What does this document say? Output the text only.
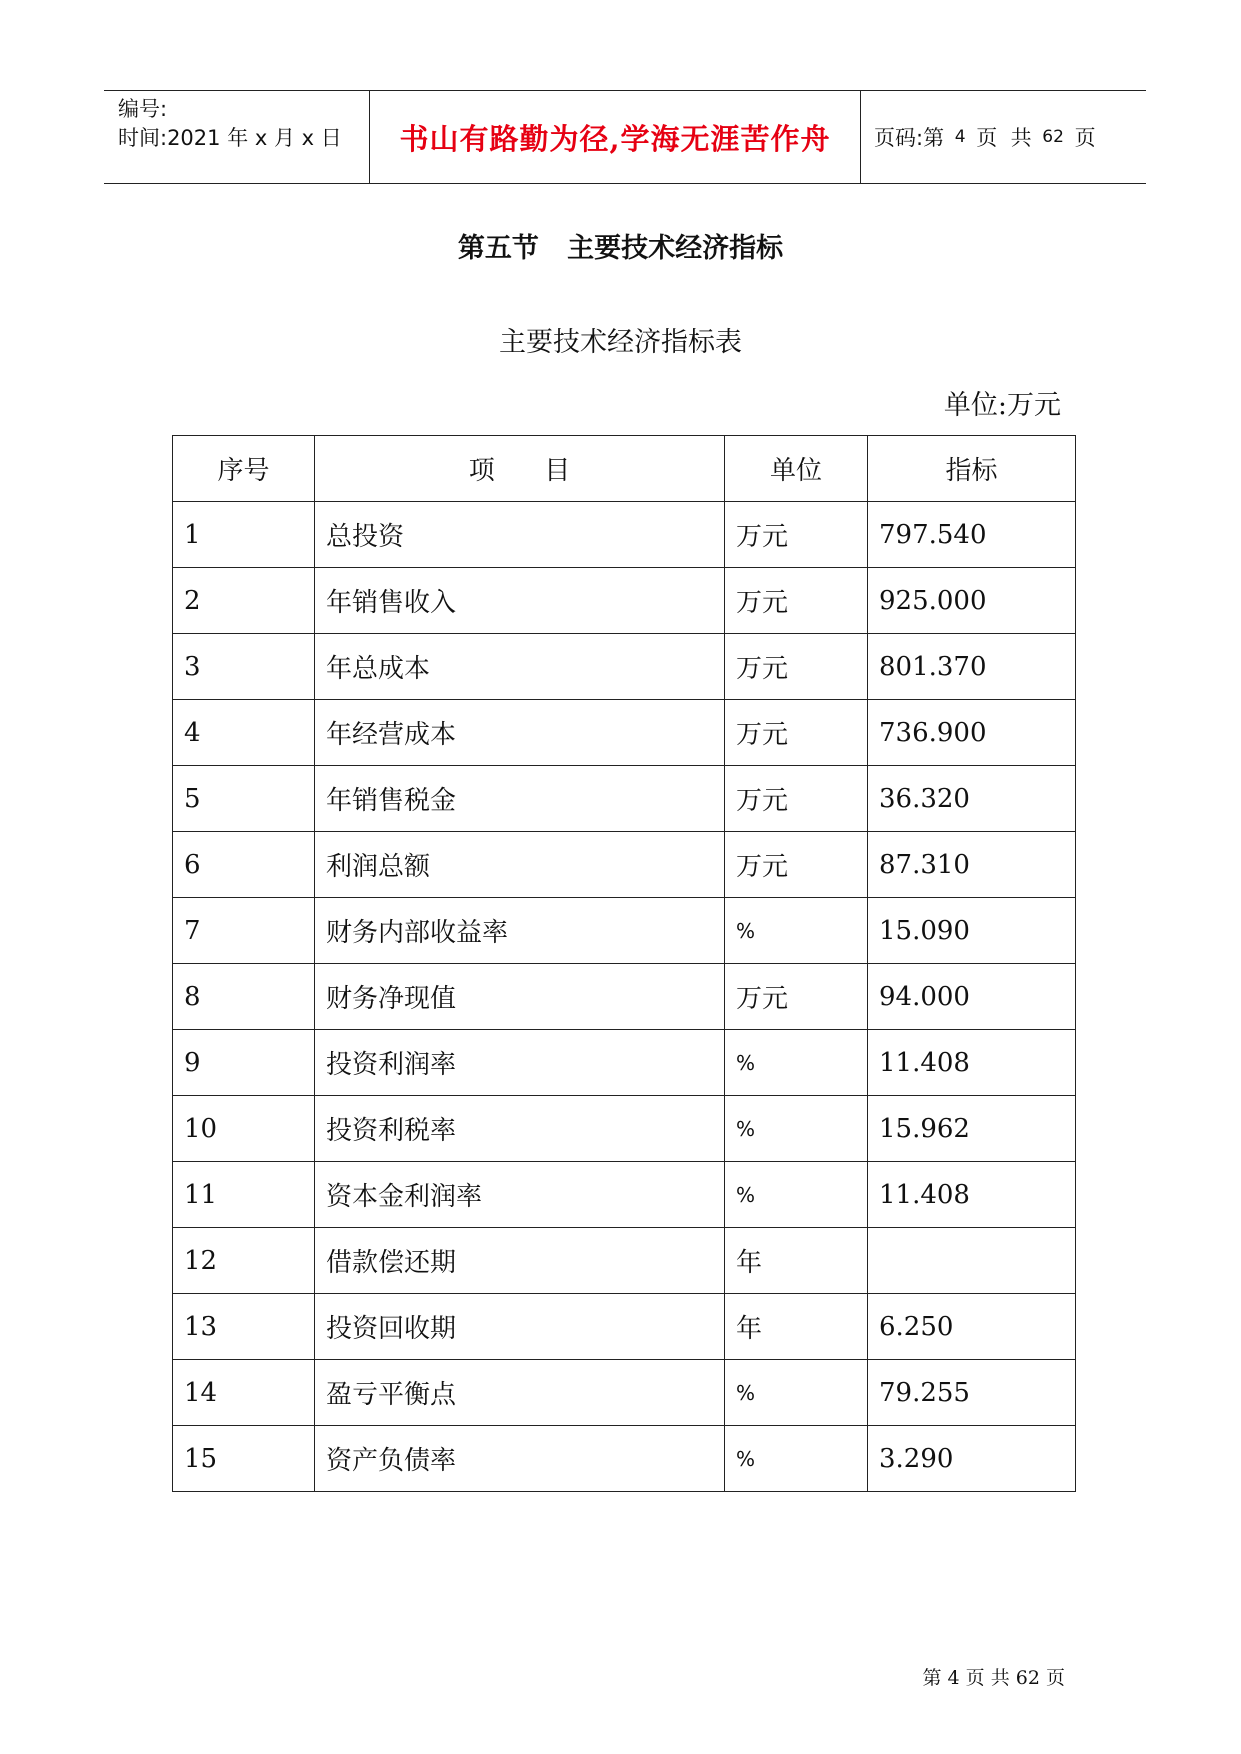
编号:
时间:2021 年 x 月 x 日	书山有路勤为径,学海无涯苦作舟	页码:第 4 页  共 62 页
第五节   主要技术经济指标
主要技术经济指标表
单位:万元
序号	项      目	单位	指标
1	总投资	万元	797.540
2	年销售收入	万元	925.000
3	年总成本	万元	801.370
4	年经营成本	万元	736.900
5	年销售税金	万元	36.320
6	利润总额	万元	87.310
7	财务内部收益率	%	15.090
8	财务净现值	万元	94.000
9	投资利润率	%	11.408
10	投资利税率	%	15.962
11	资本金利润率	%	11.408
12	借款偿还期	年	
13	投资回收期	年	6.250
14	盈亏平衡点	%	79.255
15	资产负债率	%	3.290

第 4 页 共 62 页
